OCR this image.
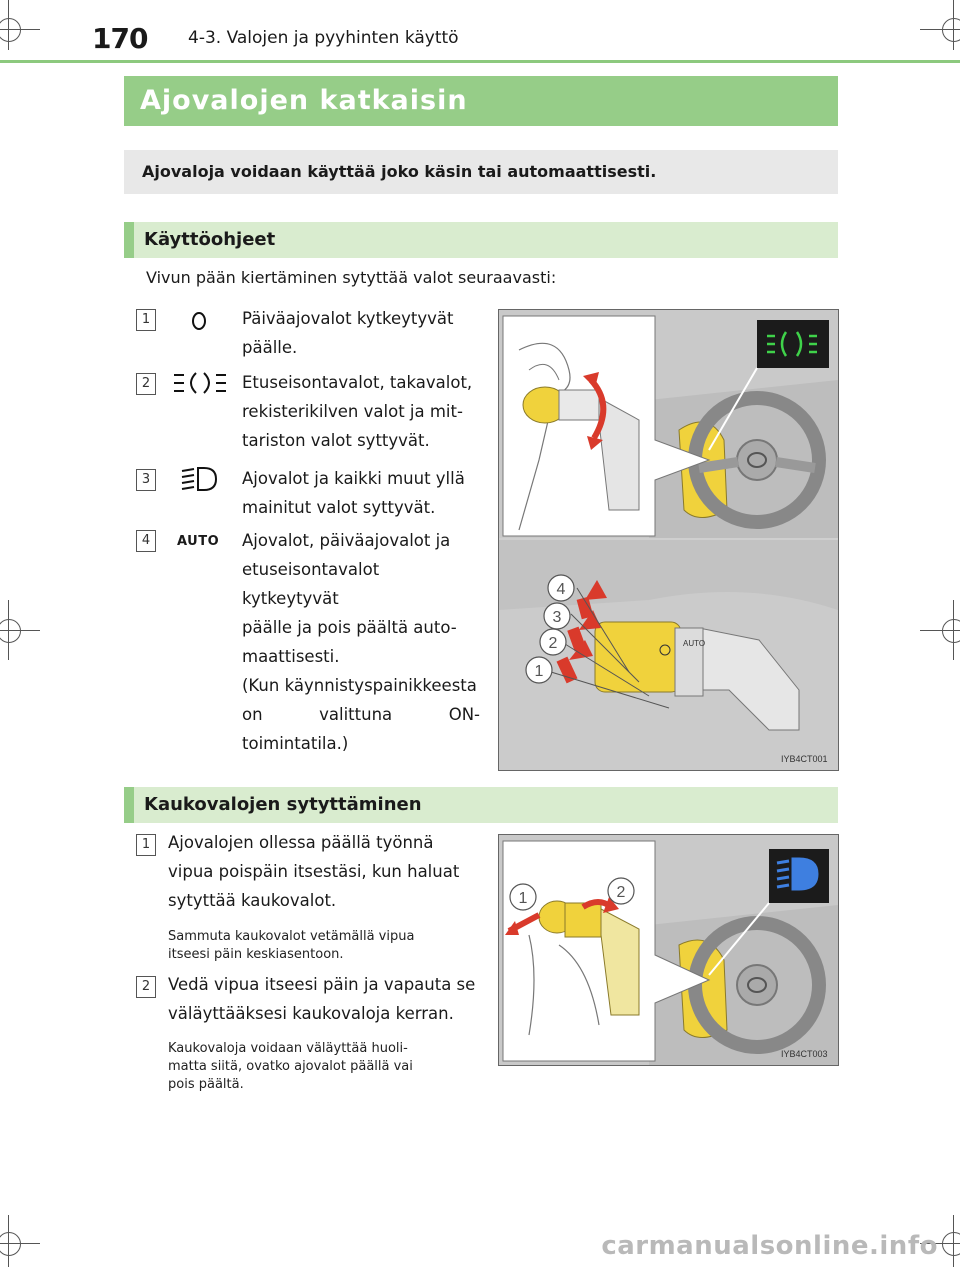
170 4-3. Valojen ja pyyhinten käyttö
Ajovalojen katkaisin
Ajovaloja voidaan käyttää joko käsin tai automaattisesti.
Käyttöohjeet
Vivun pään kiertäminen sytyttää valot seuraavasti:
1	Päiväajovalot kytkeytyvät
päälle.
2	Etuseisontavalot, takavalot,
rekisterikilven valot ja mit-
tariston valot syttyvät.
3	Ajovalot ja kaikki muut yllä
mainitut valot syttyvät.
4	AUTO Ajovalot, päiväajovalot ja
etuseisontavalot kytkeytyvät
päälle ja pois päältä auto-
maattisesti.
(Kun käynnistyspainikkeesta
on valittuna ON-toimintatila.)
AUTO
1
2
3
4
IYB4CT001
Kaukovalojen sytyttäminen
1	Ajovalojen ollessa päällä työnnä
vipua poispäin itsestäsi, kun haluat
sytyttää kaukovalot.
Sammuta kaukovalot vetämällä vipua
itseesi päin keskiasentoon.
2	Vedä vipua itseesi päin ja vapauta se
väläyttääksesi kaukovaloja kerran.
Kaukovaloja voidaan väläyttää huoli-
matta siitä, ovatko ajovalot päällä vai
pois päältä.
1	2
IYB4CT003
carmanualsonline.info
